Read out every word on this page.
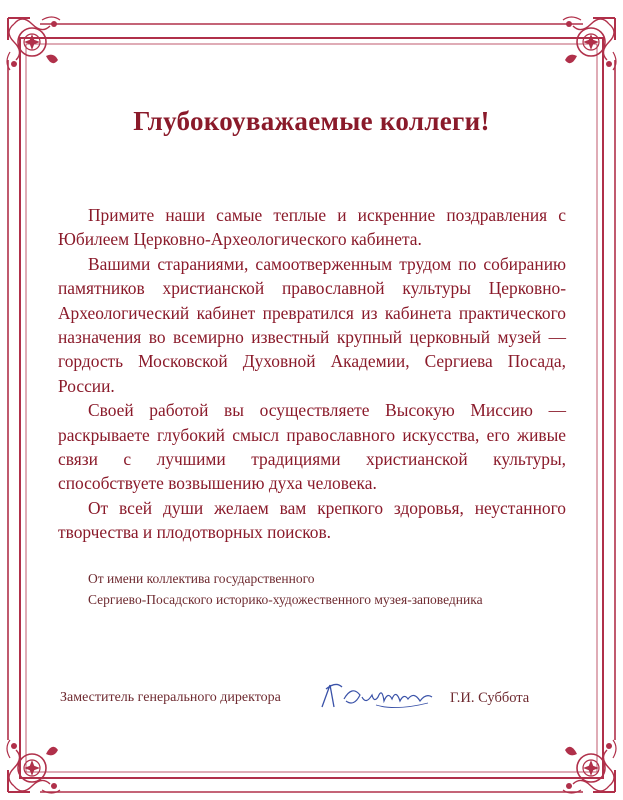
Глубокоуважаемые коллеги!

Примите наши самые теплые и искренние поздравления с Юбилеем Церковно-Археологического кабинета.

Вашими стараниями, самоотверженным трудом по собиранию памятников христианской православной культуры Церковно-Археологический кабинет превратился из кабинета практического назначения во всемирно известный крупный церковный музей — гордость Московской Духовной Академии, Сергиева Посада, России.

Своей работой вы осуществляете Высокую Миссию — раскрываете глубокий смысл православного искусства, его живые связи с лучшими традициями христианской культуры, способствуете возвышению духа человека.

От всей души желаем вам крепкого здоровья, неустанного творчества и плодотворных поисков.

От имени коллектива государственного
Сергиево-Посадского историко-художественного музея-заповедника
Заместитель генерального директора	Г.И. Суббота
